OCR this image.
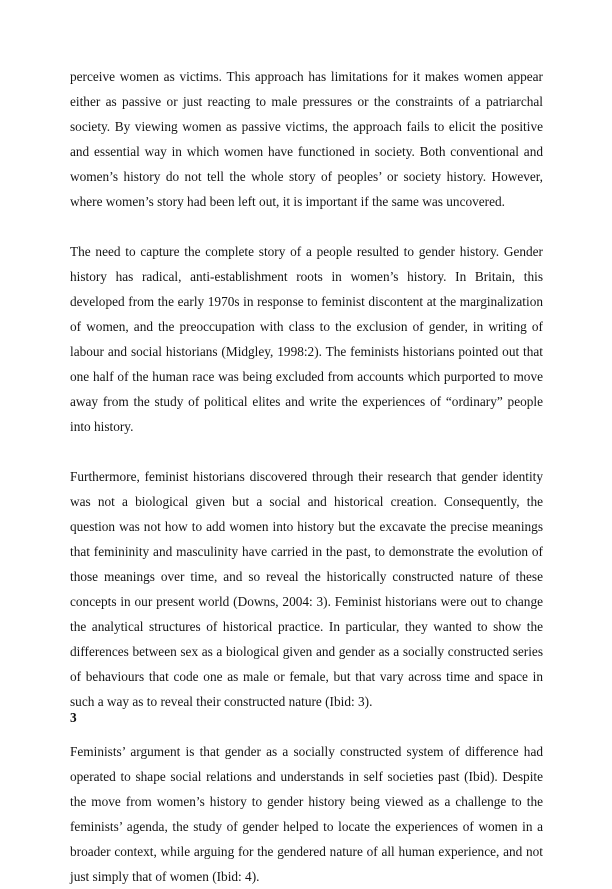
perceive women as victims. This approach has limitations for it makes women appear either as passive or just reacting to male pressures or the constraints of a patriarchal society. By viewing women as passive victims, the approach fails to elicit the positive and essential way in which women have functioned in society. Both conventional and women’s history do not tell the whole story of peoples’ or society history. However, where women’s story had been left out, it is important if the same was uncovered.

The need to capture the complete story of a people resulted to gender history. Gender history has radical, anti-establishment roots in women’s history. In Britain, this developed from the early 1970s in response to feminist discontent at the marginalization of women, and the preoccupation with class to the exclusion of gender, in writing of labour and social historians (Midgley, 1998:2). The feminists historians pointed out that one half of the human race was being excluded from accounts which purported to move away from the study of political elites and write the experiences of “ordinary” people into history.

Furthermore, feminist historians discovered through their research that gender identity was not a biological given but a social and historical creation. Consequently, the question was not how to add women into history but the excavate the precise meanings that femininity and masculinity have carried in the past, to demonstrate the evolution of those meanings over time, and so reveal the historically constructed nature of these concepts in our present world (Downs, 2004: 3). Feminist historians were out to change the analytical structures of historical practice. In particular, they wanted to show the differences between sex as a biological given and gender as a socially constructed series of behaviours that code one as male or female, but that vary across time and space in such a way as to reveal their constructed nature (Ibid: 3).

Feminists’ argument is that gender as a socially constructed system of difference had operated to shape social relations and understands in self societies past (Ibid). Despite the move from women’s history to gender history being viewed as a challenge to the feminists’ agenda, the study of gender helped to locate the experiences of women in a broader context, while arguing for the gendered nature of all human experience, and not just simply that of women (Ibid: 4).

3
